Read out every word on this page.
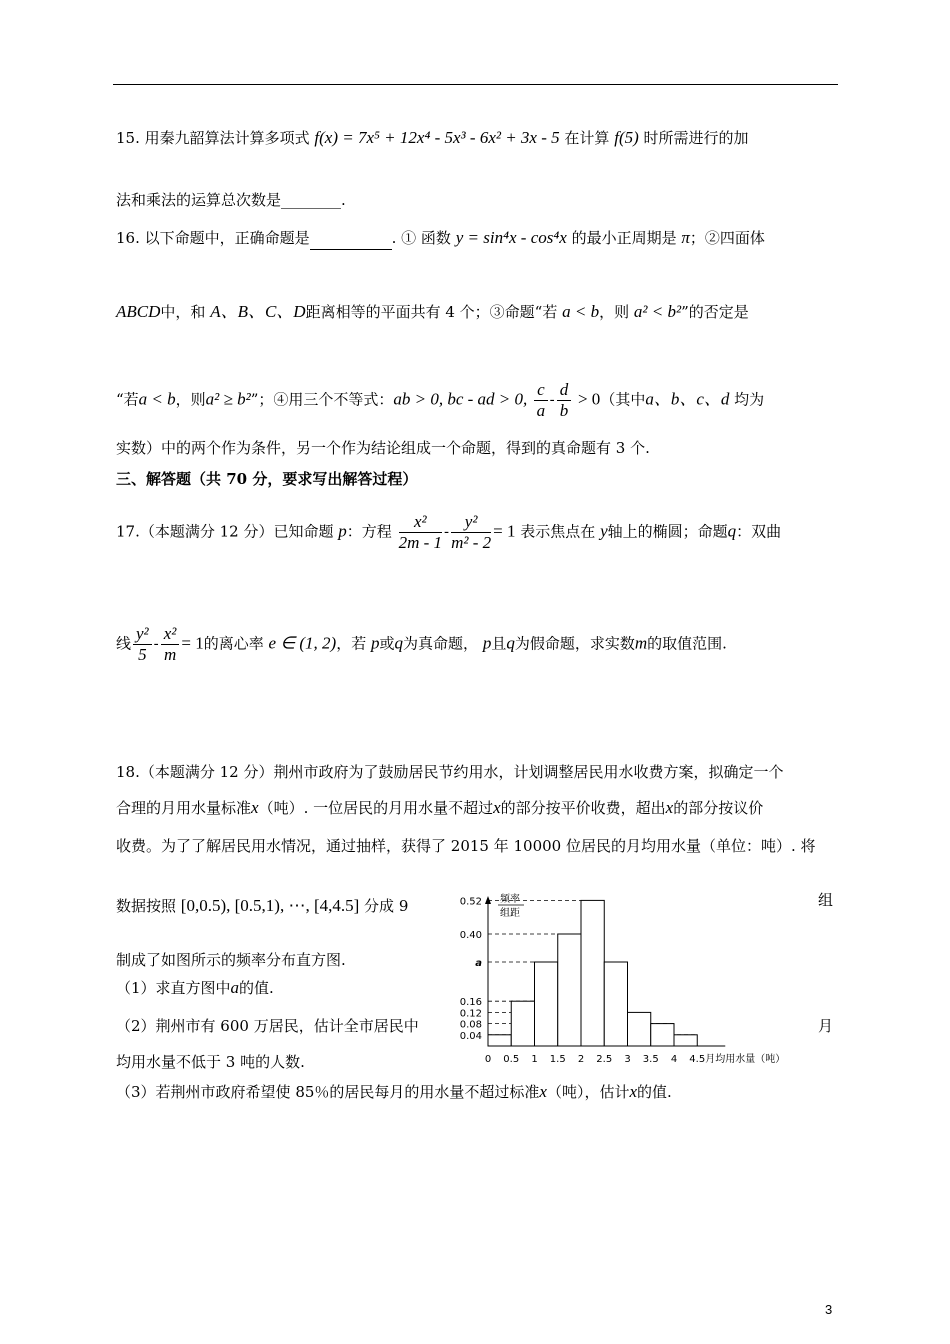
15. 用秦九韶算法计算多项式 f(x) = 7x⁵ + 12x⁴ - 5x³ - 6x² + 3x - 5 在计算 f(5) 时所需进行的加
法和乘法的运算总次数是________.
16. 以下命题中，正确命题是	. ① 函数 y = sin⁴x - cos⁴x 的最小正周期是 π；②四面体
ABCD中，和 A、B、C、D距离相等的平面共有 4 个；③命题“若 a < b，则 a² < b²”的否定是
“若a < b，则a² ≥ b²”；④用三个不等式：ab > 0, bc - ad > 0, $\frac{c}{a} - \frac{d}{b} > 0$（其中a、b、c、d 均为
实数）中的两个作为条件，另一个作为结论组成一个命题，得到的真命题有 3 个.
三、解答题（共 70 分，要求写出解答过程）
17.（本题满分 12 分）已知命题 p：方程 $\frac{\text{x²}}{2m - 1} - \frac{\text{y²}}{\text{m² - 2}} = 1$ 表示焦点在 y轴上的椭圆；命题q：双曲
线 $\frac{\text{y²}}{5} - \frac{\text{x²}}{m} = 1$的离心率 e ∈ (1, 2)，若 p或q为真命题， p且q为假命题，求实数m的取值范围.
18.（本题满分 12 分）荆州市政府为了鼓励居民节约用水，计划调整居民用水收费方案，拟确定一个
合理的月用水量标准x（吨）. 一位居民的月用水量不超过x的部分按平价收费，超出x的部分按议价
收费。为了了解居民用水情况，通过抽样，获得了 2015 年 10000 位居民的月均用水量（单位：吨）. 将
数据按照 [0,0.5), [0.5,1), ⋯, [4,4.5] 分成 9	组
制成了如图所示的频率分布直方图.
（1）求直方图中a的值.
（2）荆州市有 600 万居民，估计全市居民中	月
均用水量不低于 3 吨的人数.
（3）若荆州市政府希望使 85％的居民每月的用水量不超过标准x（吨），估计x的值.
0.04
0.08
0.12
0.16
a
0.40
0.52 频率
组距
0 0.5 1 1.5 2 2.5 3 3.5 4 4.5 月均用水量（吨）
3
